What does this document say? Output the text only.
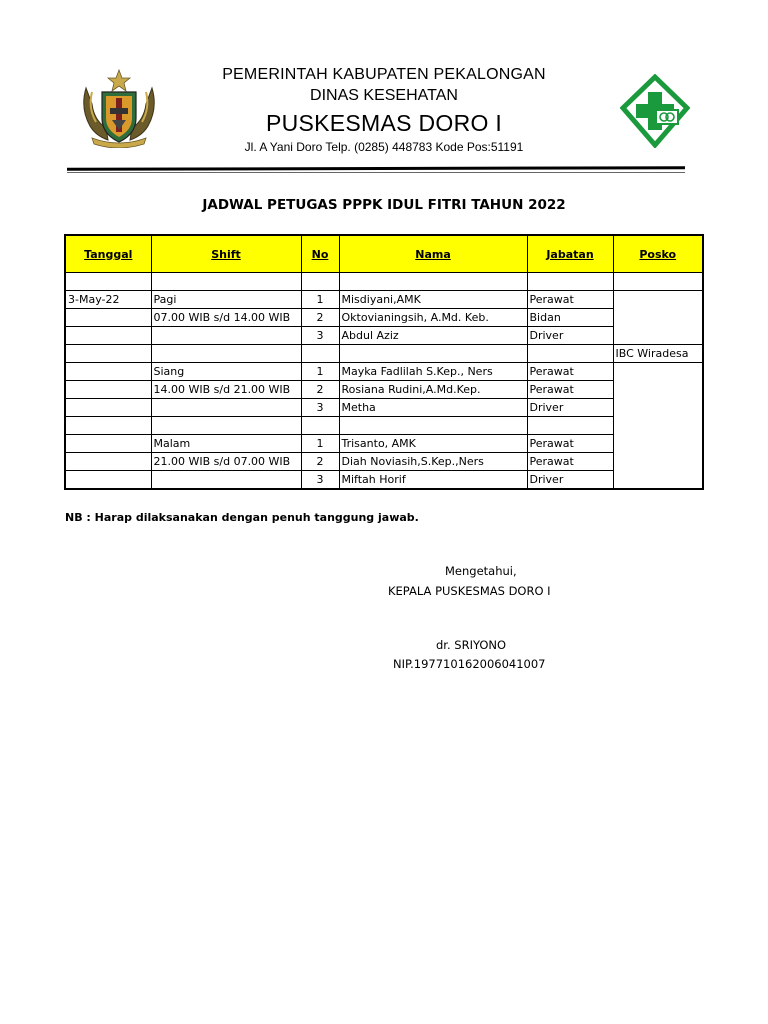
PEMERINTAH KABUPATEN PEKALONGAN
DINAS KESEHATAN
PUSKESMAS DORO I
Jl. A Yani Doro Telp. (0285) 448783 Kode Pos:51191
JADWAL PETUGAS PPPK IDUL FITRI TAHUN 2022
Tanggal	Shift	No	Nama	Jabatan	Posko

3-May-22	Pagi	1	Misdiyani,AMK	Perawat	
	07.00 WIB s/d 14.00 WIB	2	Oktovianingsih, A.Md. Keb.	Bidan	
		3	Abdul Aziz	Driver	
					IBC Wiradesa
	Siang	1	Mayka Fadlilah S.Kep., Ners	Perawat	
	14.00 WIB s/d 21.00 WIB	2	Rosiana Rudini,A.Md.Kep.	Perawat	
		3	Metha	Driver	

	Malam	1	Trisanto, AMK	Perawat	
	21.00 WIB s/d 07.00 WIB	2	Diah Noviasih,S.Kep.,Ners	Perawat	
		3	Miftah Horif	Driver	
NB : Harap dilaksanakan dengan penuh tanggung jawab.
Mengetahui,
KEPALA PUSKESMAS DORO I
dr. SRIYONO
NIP.197710162006041007
